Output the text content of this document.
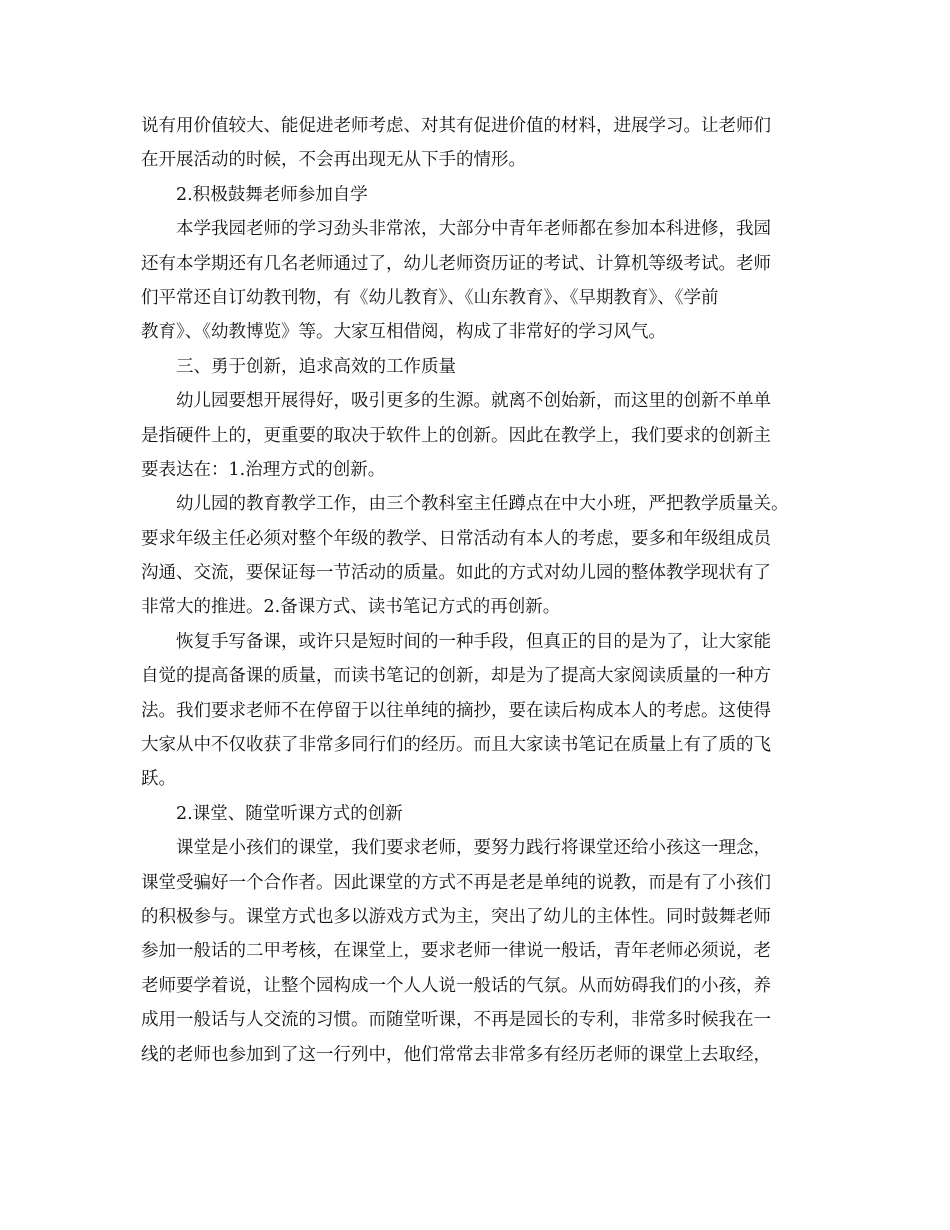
说有用价值较大、能促进老师考虑、对其有促进价值的材料，进展学习。让老师们
在开展活动的时候，不会再出现无从下手的情形。
2.积极鼓舞老师参加自学
本学我园老师的学习劲头非常浓，大部分中青年老师都在参加本科进修，我园
还有本学期还有几名老师通过了，幼儿老师资历证的考试、计算机等级考试。老师
们平常还自订幼教刊物，有《幼儿教育》、《山东教育》、《早期教育》、《学前
教育》、《幼教博览》等。大家互相借阅，构成了非常好的学习风气。
三、勇于创新，追求高效的工作质量
幼儿园要想开展得好，吸引更多的生源。就离不创始新，而这里的创新不单单
是指硬件上的，更重要的取决于软件上的创新。因此在教学上，我们要求的创新主
要表达在：1.治理方式的创新。
幼儿园的教育教学工作，由三个教科室主任蹲点在中大小班，严把教学质量关。
要求年级主任必须对整个年级的教学、日常活动有本人的考虑，要多和年级组成员
沟通、交流，要保证每一节活动的质量。如此的方式对幼儿园的整体教学现状有了
非常大的推进。2.备课方式、读书笔记方式的再创新。
恢复手写备课，或许只是短时间的一种手段，但真正的目的是为了，让大家能
自觉的提高备课的质量，而读书笔记的创新，却是为了提高大家阅读质量的一种方
法。我们要求老师不在停留于以往单纯的摘抄，要在读后构成本人的考虑。这使得
大家从中不仅收获了非常多同行们的经历。而且大家读书笔记在质量上有了质的飞
跃。
2.课堂、随堂听课方式的创新
课堂是小孩们的课堂，我们要求老师，要努力践行将课堂还给小孩这一理念，
课堂受骗好一个合作者。因此课堂的方式不再是老是单纯的说教，而是有了小孩们
的积极参与。课堂方式也多以游戏方式为主，突出了幼儿的主体性。同时鼓舞老师
参加一般话的二甲考核，在课堂上，要求老师一律说一般话，青年老师必须说，老
老师要学着说，让整个园构成一个人人说一般话的气氛。从而妨碍我们的小孩，养
成用一般话与人交流的习惯。而随堂听课，不再是园长的专利，非常多时候我在一
线的老师也参加到了这一行列中，他们常常去非常多有经历老师的课堂上去取经，
